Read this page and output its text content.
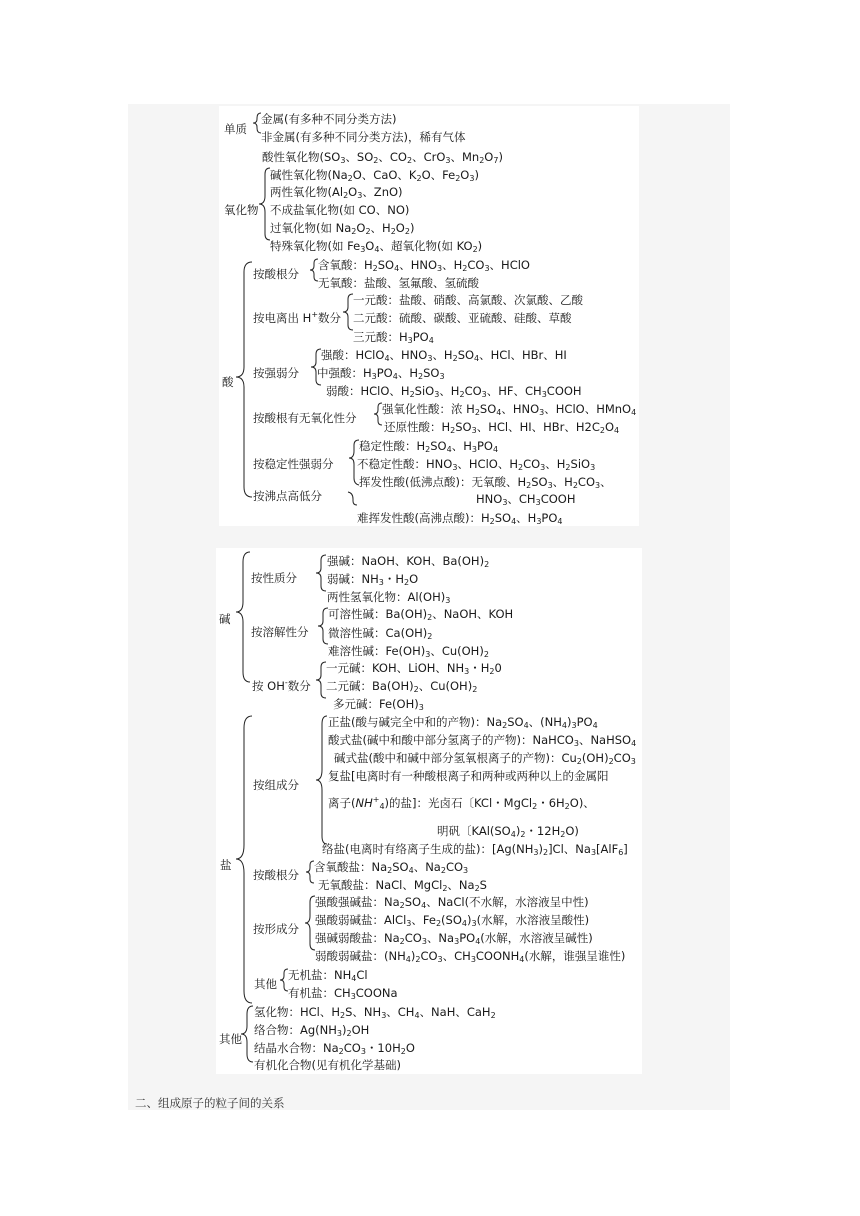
单质
金属(有多种不同分类方法)
非金属(有多种不同分类方法)，稀有气体
酸性氧化物($SO_3$、$SO_2$、$CO_2$、CrO$_3$、$Mn_2O_7$)
碱性氧化物($Na_2O$、CaO、$K_2O$、$Fe_2O_3$)
氧化物
两性氧化物($Al_2O_3$、ZnO)
不成盐氧化物(如 CO、NO)
过氧化物(如 $Na_2O_2$、$H_2O_2$)
特殊氧化物(如 $Fe_3O_4$、超氧化物(如 $KO_2$)
按酸根分
含氧酸：$H_2SO_4$、$HNO_3$、$H_2CO_3$、HClO
无氧酸：盐酸、氢氟酸、氢硫酸
按电离出 H+数分
一元酸：盐酸、硝酸、高氯酸、次氯酸、乙酸
二元酸：硫酸、碳酸、亚硫酸、硅酸、草酸
三元酸：$H_3PO_4$
酸
按强弱分
强酸：HClO$_4$、$HNO_3$、$H_2SO_4$、HCl、HBr、HI
中强酸：$H_3PO_4$、$H_2SO_3$
弱酸：HClO、$H_2SiO_3$、$H_2CO_3$、HF、$CH_3COOH$
按酸根有无氧化性分
强氧化性酸：浓 $H_2SO_4$、$HNO_3$、HClO、HMnO$_4$
还原性酸：$H_2SO_3$、HCl、HI、HBr、$H2C_2O_4$
按稳定性强弱分
稳定性酸：$H_2SO_4$、$H_3PO_4$
不稳定性酸：$HNO_3$、HClO、$H_2CO_3$、$H_2SiO_3$
按沸点高低分
挥发性酸(低沸点酸)：无氧酸、$H_2SO_3$、$H_2CO_3$、
$HNO_3$、$CH_3COOH$
难挥发性酸(高沸点酸)：$H_2SO_4$、$H_3PO_4$
碱
按性质分
强碱：NaOH、KOH、$Ba(OH)_2$
弱碱：$NH_3$・$H_2O$
两性氢氧化物：$Al(OH)_3$
按溶解性分
可溶性碱：$Ba(OH)_2$、NaOH、KOH
微溶性碱：$Ca(OH)_2$
难溶性碱：$Fe(OH)_3$、$Cu(OH)_2$
按 OH-数分
一元碱：KOH、LiOH、$NH_3$・$H_20$
二元碱：$Ba(OH)_2$、$Cu(OH)_2$
多元碱：$Fe(OH)_3$
盐
按组成分
正盐(酸与碱完全中和的产物)：$Na_2SO_4$、$(NH_4)_3PO_4$
酸式盐(碱中和酸中部分氢离子的产物)：NaHCO$_3$、NaHSO$_4$
碱式盐(酸中和碱中部分氢氧根离子的产物)：$Cu_2(OH)_2CO_3$
复盐[电离时有一种酸根离子和两种或两种以上的金属阳
离子$(NH^+_4)$的盐]：光卤石〔KCl・MgCl$_2$・$6H_2O$)、
明矾〔$KAl(SO_4)_2$・$12H_2O$)
络盐(电离时有络离子生成的盐)：$[Ag(NH_3)_2]Cl$、$Na_3[AlF_6]$
按酸根分
含氧酸盐：$Na_2SO_4$、$Na_2CO_3$
无氧酸盐：NaCl、MgCl$_2$、$Na_2S$
按形成分
强酸强碱盐：$Na_2SO_4$、NaCl(不水解，水溶液呈中性)
强酸弱碱盐：AlCl$_3$、$Fe_2(SO_4)_3$(水解，水溶液呈酸性)
强碱弱酸盐：$Na_2CO_3$、$Na_3PO_4$(水解，水溶液呈碱性)
弱酸弱碱盐：$(NH_4)_2CO_3$、$CH_3COONH_4$(水解，谁强呈谁性)
其他
无机盐：$NH_4Cl$
有机盐：$CH_3COONa$
其他
氢化物：HCl、$H_2S$、$NH_3$、$CH_4$、NaH、CaH$_2$
络合物：$Ag(NH_3)_2OH$
结晶水合物：$Na_2CO_3$・$10H_2O$
有机化合物(见有机化学基础)
二、组成原子的粒子间的关系
